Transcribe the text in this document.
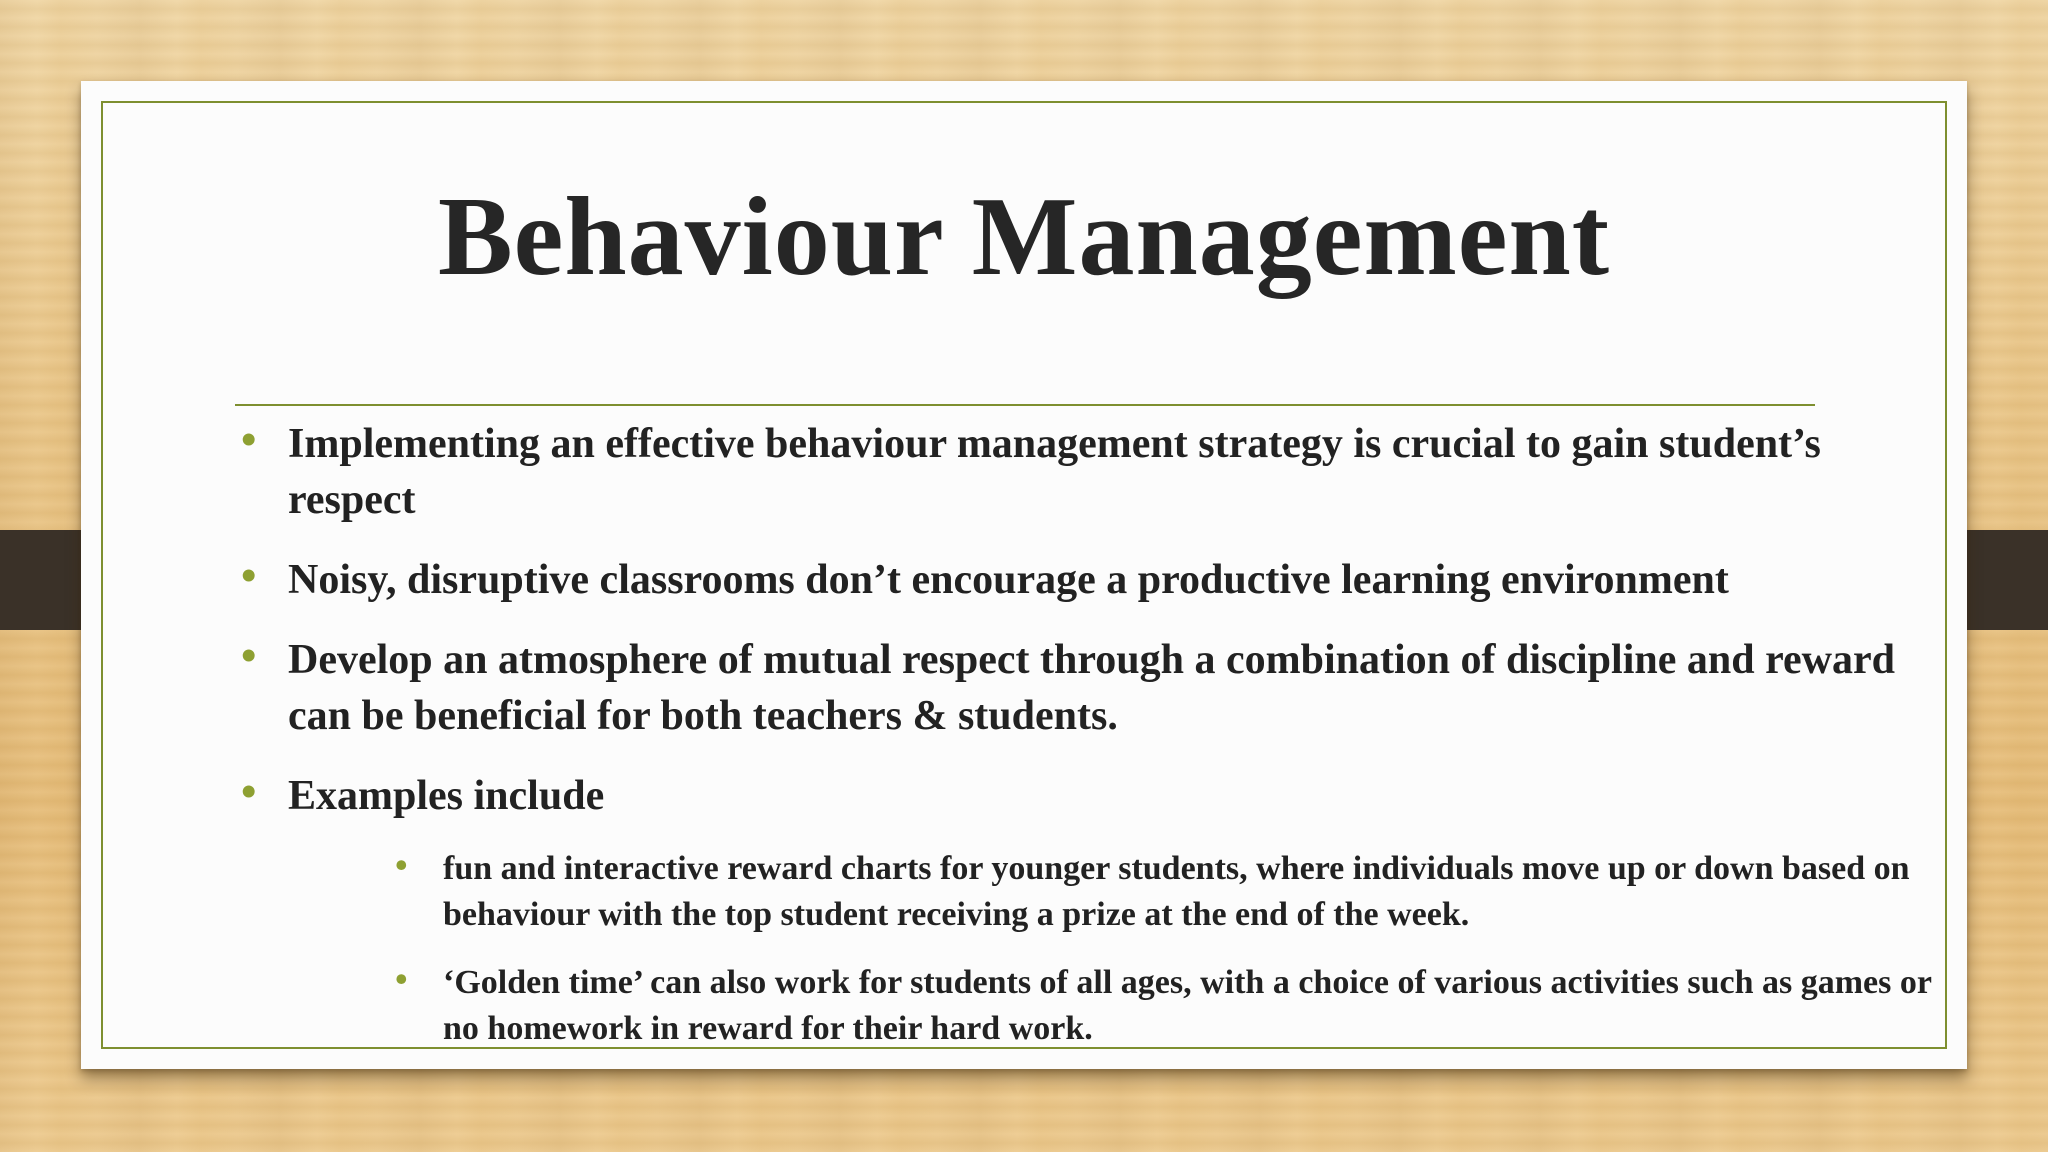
Behaviour Management
• Implementing an effective behaviour management strategy is crucial to gain student’s respect
• Noisy, disruptive classrooms don’t encourage a productive learning environment
• Develop an atmosphere of mutual respect through a combination of discipline and reward can be beneficial for both teachers & students.
• Examples include
• fun and interactive reward charts for younger students, where individuals move up or down based on behaviour with the top student receiving a prize at the end of the week.
• ‘Golden time’ can also work for students of all ages, with a choice of various activities such as games or no homework in reward for their hard work.
